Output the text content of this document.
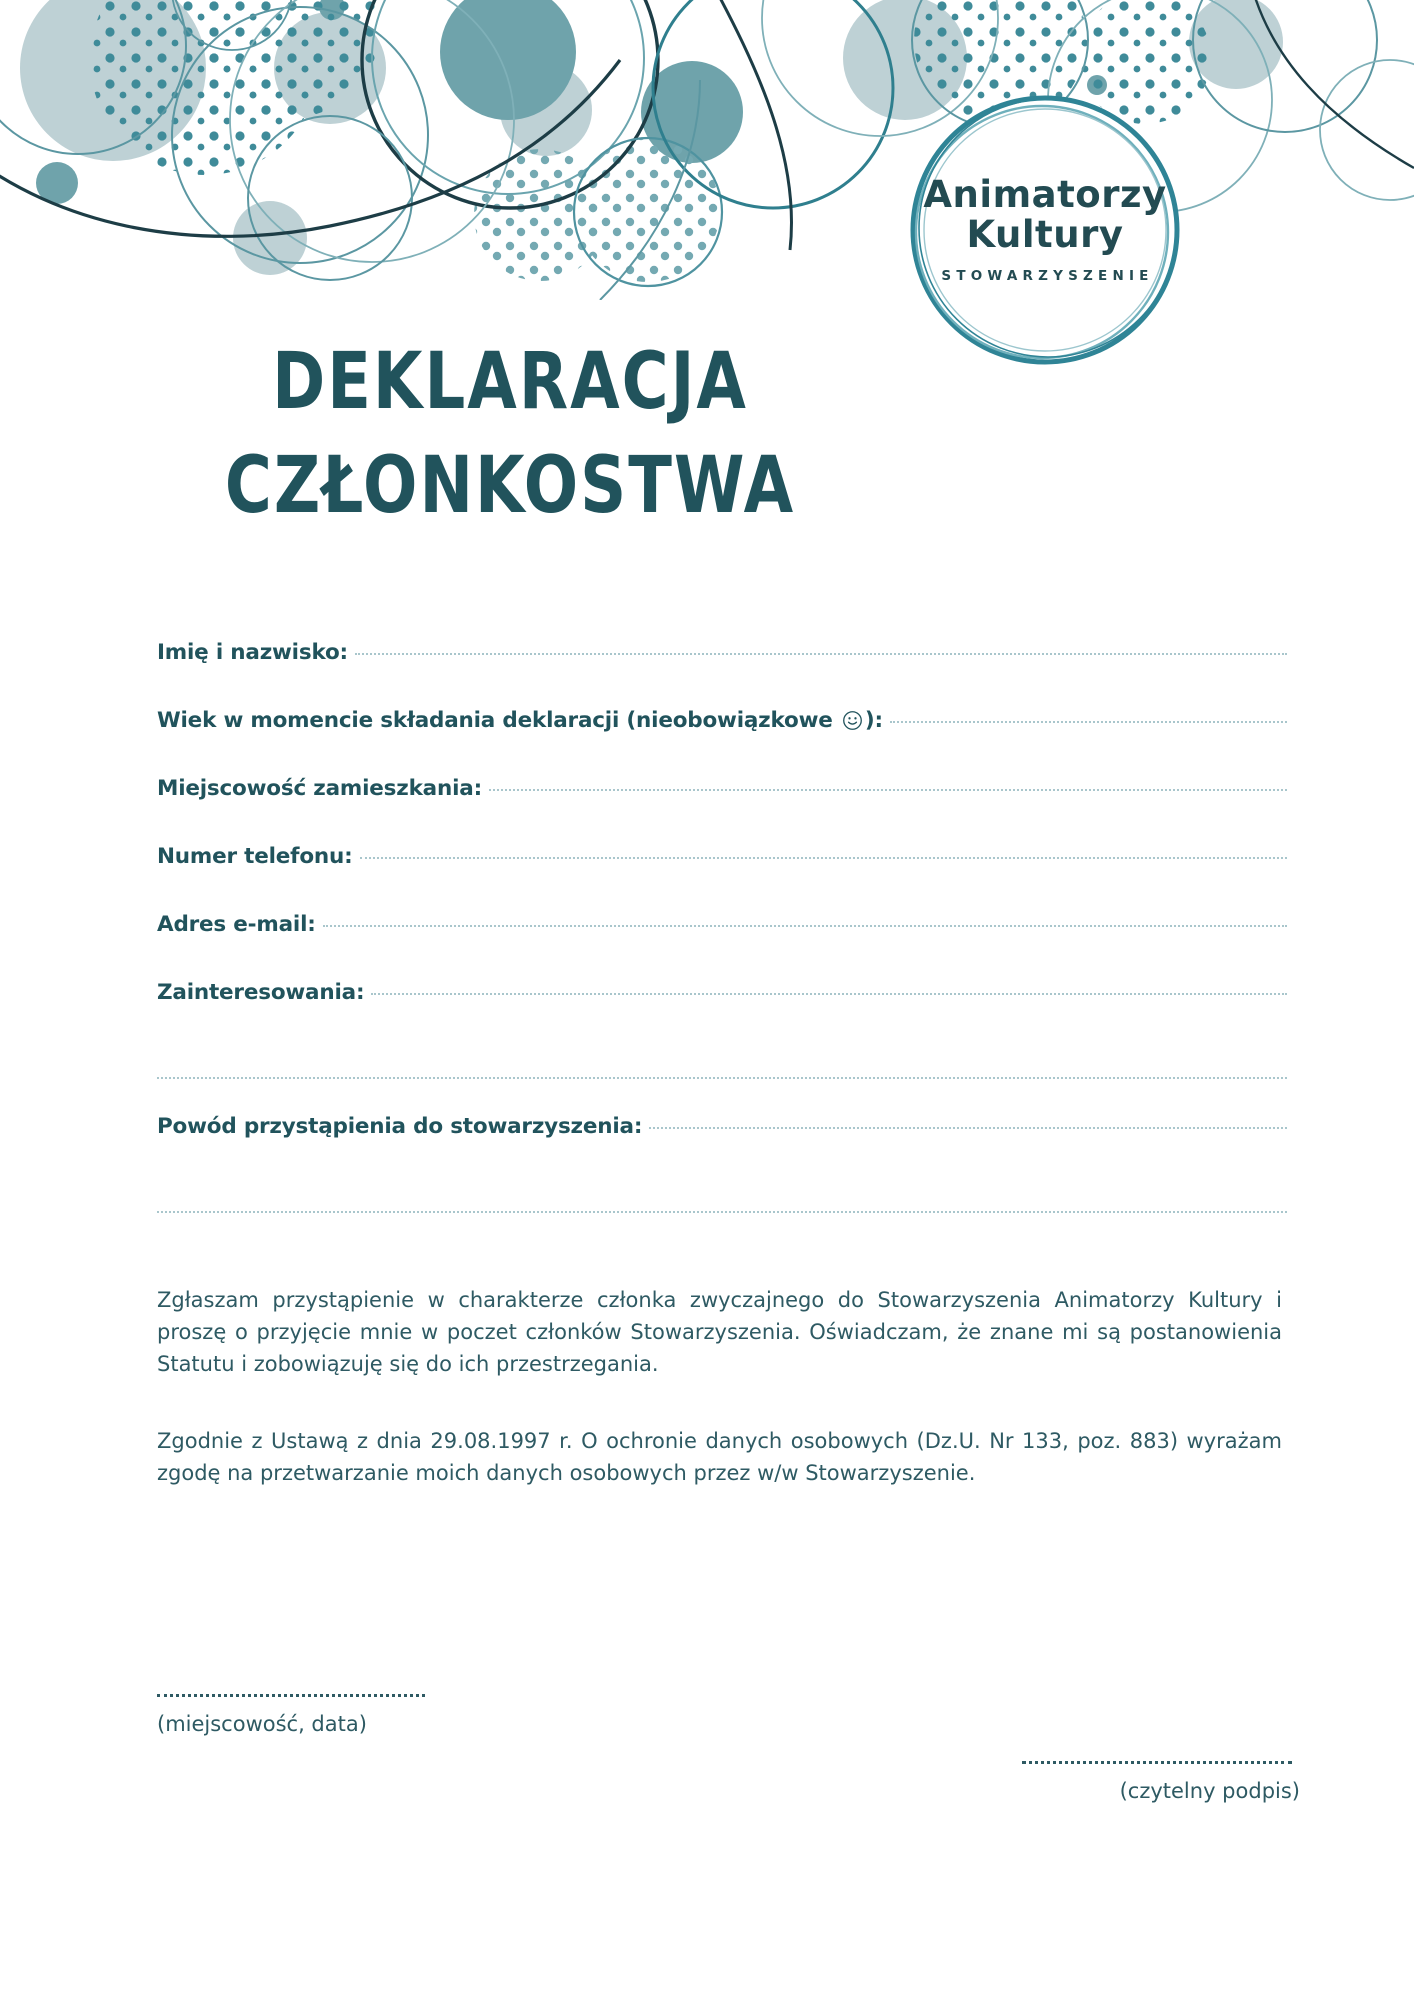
Animatorzy
Kultury
STOWARZYSZENIE
DEKLARACJA
CZŁONKOSTWA
Imię i nazwisko:
Wiek w momencie składania deklaracji (nieobowiązkowe ):
Miejscowość zamieszkania:
Numer telefonu:
Adres e-mail:
Zainteresowania:
Powód przystąpienia do stowarzyszenia:

Zgłaszam przystąpienie w charakterze członka zwyczajnego do Stowarzyszenia Animatorzy Kultury i proszę o przyjęcie mnie w poczet członków Stowarzyszenia. Oświadczam, że znane mi są postanowienia Statutu i zobowiązuję się do ich przestrzegania.

Zgodnie z Ustawą z dnia 29.08.1997 r. O ochronie danych osobowych (Dz.U. Nr 133, poz. 883) wyrażam zgodę na przetwarzanie moich danych osobowych przez w/w Stowarzyszenie.

(miejscowość, data)
(czytelny podpis)
